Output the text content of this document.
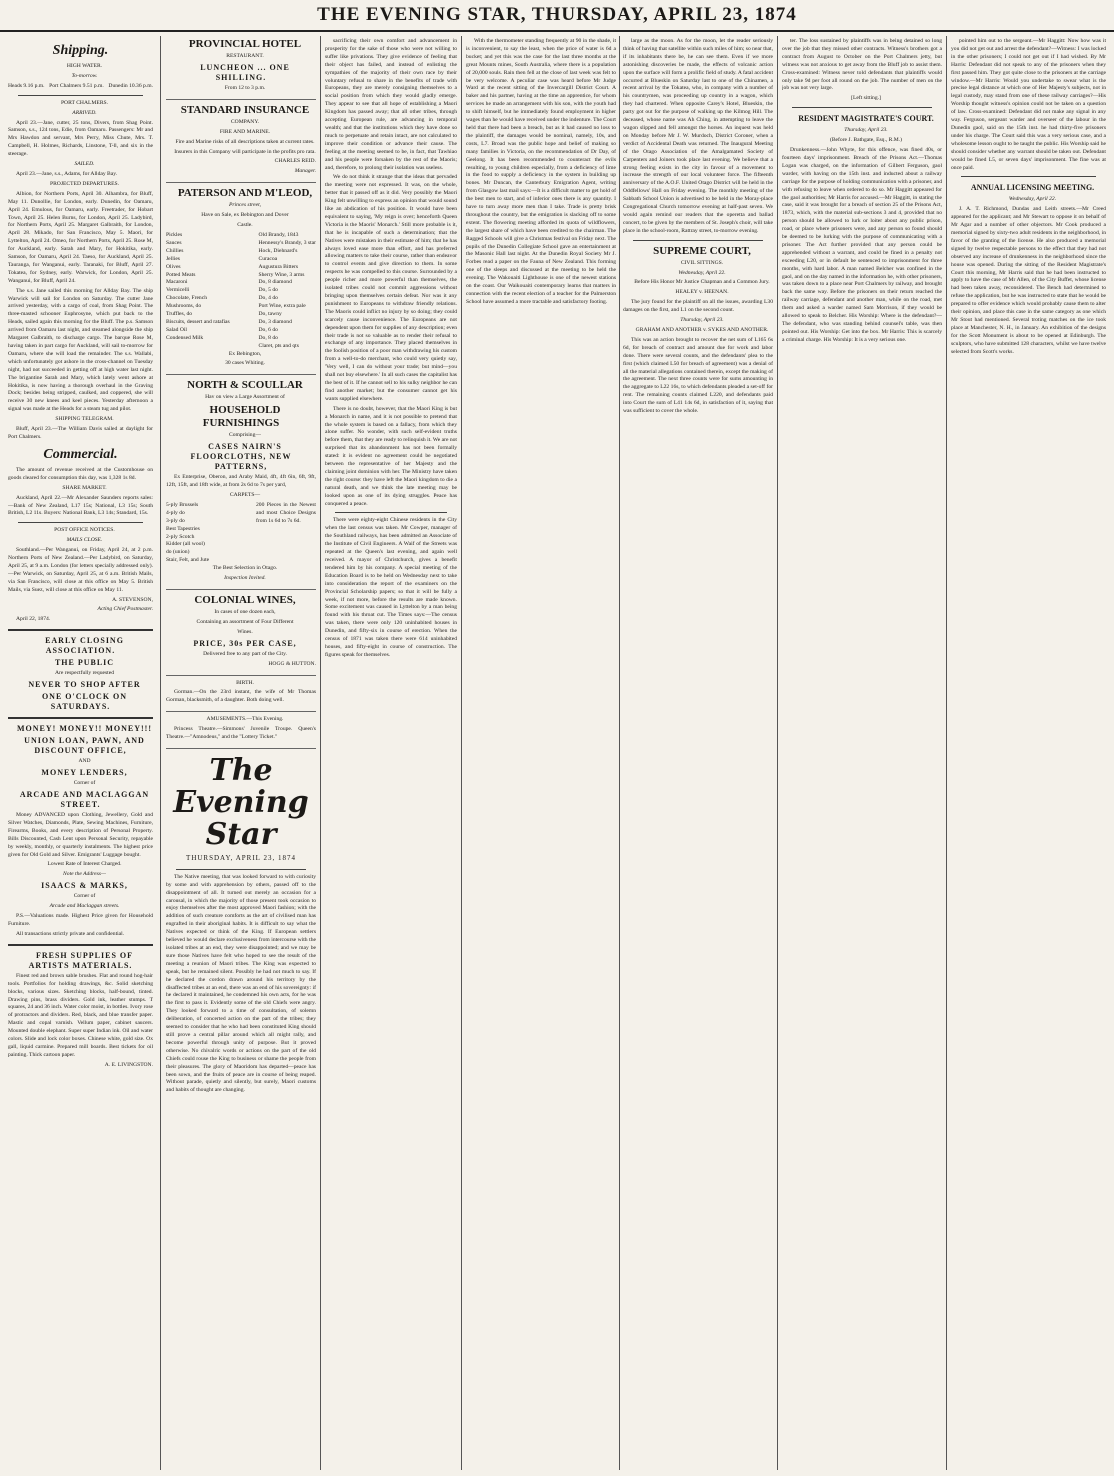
THE EVENING STAR, THURSDAY, APRIL 23, 1874
Shipping.

HIGH WATER.

To-morrow.

Heads 9.16 p.m. Port Chalmers 9.51 p.m. Dunedin 10.36 p.m.

PORT CHALMERS.

ARRIVED.

April 23.—Jane, cutter, 25 tons, Divers, from Shag Point. Samson, s.s., 124 tons, Edie, from Oamaru. Passengers: Mr and Mrs Hawdon and servant, Mrs Perry, Miss Chute, Mrs. T. Campbell, H. Holmes, Richards, Linstone, T-ll, and six in the steerage.

SAILED.

April 23.—Jane, s.s., Adams, for Allday Bay.

PROJECTED DEPARTURES.

Albion, for Northern Ports, April 30. Alhambra, for Bluff, May 11. Dunollie, for London, early. Dunedin, for Oamaru, April 24. Emulous, for Oamaru, early. Freetrader, for Hobart Town, April 25. Helen Burns, for London, April 25. Ladybird, for Northern Ports, April 25. Margaret Galbraith, for London, April 28. Mikado, for San Francisco, May 5. Maori, for Lyttelton, April 24. Omeo, for Northern Ports, April 25. Rose M, for Auckland, early. Sarah and Mary, for Hokitika, early. Samson, for Oamaru, April 24. Taeso, for Auckland, April 25. Tauranga, for Wanganui, early. Taranaki, for Bluff, April 27. Tokatea, for Sydney, early. Warwick, for London, April 25. Wanganui, for Bluff, April 24.

The s.s. Jane sailed this morning for Allday Bay. The ship Warwick will sail for London on Saturday. The cutter Jane arrived yesterday, with a cargo of coal, from Shag Point. The three-masted schooner Euphrosyne, which put back to the Heads, sailed again this morning for the Bluff. The p.s. Samson arrived from Oamaru last night, and steamed alongside the ship Margaret Galbraith, to discharge cargo. The barque Rose M, having taken in part cargo for Auckland, will sail to-morrow for Oamaru, where she will load the remainder. The s.s. Wallabi, which unfortunately got ashore in the cross-channel on Tuesday night, had not succeeded in getting off at high water last night. The brigantine Sarah and Mary, which lately went ashore at Hokitika, is now having a thorough overhaul in the Graving Dock; besides being stripped, caulked, and coppered, she will receive 30 new knees and keel pieces. Yesterday afternoon a signal was made at the Heads for a steam tug and pilot.

SHIPPING TELEGRAM.

Bluff, April 23.—The William Davis sailed at daylight for Port Chalmers.

Commercial.

The amount of revenue received at the Customhouse on goods cleared for consumption this day, was 1,328 1s 8d.

SHARE MARKET.

Auckland, April 22.—Mr Alexander Saunders reports sales:—Bank of New Zealand, L17 15s; National, L3 15s; South British, L2 11s. Buyers: National Bank, L3 14s; Standard, 15s.

POST OFFICE NOTICES.

MAILS CLOSE.

Southland.—Per Wanganui, on Friday, April 24, at 2 p.m. Northern Ports of New Zealand.—Per Ladybird, on Saturday, April 25, at 9 a.m. London (for letters specially addressed only).—Per Warwick, on Saturday, April 25, at 6 a.m. British Mails, via San Francisco, will close at this office on May 5. British Mails, via Suez, will close at this office on May 11.

A. STEVENSON,

Acting Chief Postmaster.

April 22, 1874.

EARLY CLOSING ASSOCIATION.

THE PUBLIC

Are respectfully requested

NEVER TO SHOP AFTER

ONE O'CLOCK ON SATURDAYS.

MONEY! MONEY!! MONEY!!!

UNION LOAN, PAWN, AND DISCOUNT OFFICE,

AND

MONEY LENDERS,

Corner of

ARCADE AND MACLAGGAN STREET.

Money ADVANCED upon Clothing, Jewellery, Gold and Silver Watches, Diamonds, Plate, Sewing Machines, Furniture, Firearms, Books, and every description of Personal Property. Bills Discounted, Cash Lent upon Personal Security, repayable by weekly, monthly, or quarterly instalments. The highest price given for Old Gold and Silver. Emigrants' Luggage bought.

Lowest Rate of Interest Charged.

Note the Address—

ISAACS & MARKS,

Corner of

Arcade and Maclaggan streets.

P.S.—Valuations made. Highest Price given for Household Furniture.

All transactions strictly private and confidential.

FRESH SUPPLIES OF ARTISTS MATERIALS.

Finest red and brown sable brushes. Flat and round hog-hair tools. Portfolios for holding drawings, &c. Solid sketching blocks, various sizes. Sketching blocks, half-bound, tinted. Drawing pins, brass dividers. Gold ink, leather stumps. T squares, 24 and 36 inch. Water color moist, in bottles. Ivory rose of protractors and dividers. Red, black, and blue transfer paper. Mastic and copal varnish. Vellum paper, cabinet saucers. Mounted double elephant. Super super Indian ink. Oil and water colors. Slide and lock color boxes. Chinese white, gold size. Ox gall, liquid carmine. Prepared mill boards. Best tickets for oil painting. Thick cartoon paper.

A. E. LIVINGSTON.

PROVINCIAL HOTEL

RESTAURANT.

LUNCHEON ... ONE SHILLING.

From 12 to 3 p.m.

STANDARD INSURANCE

COMPANY.

FIRE AND MARINE.

Fire and Marine risks of all descriptions taken at current rates.

Insurers in this Company will participate in the profits pro rata.

CHARLES REID.

Manager.

PATERSON AND M'LEOD,

Princes street,

Have on Sale, ex Bebington and Dover

Castle.

Pickles
Sauces
Chillies
Jellies
Olives
Potted Meats
Macaroni
Vermicelli
Chocolate, French
Mushrooms, do
Truffles, do
Biscuits, dessert and ratafias
Salad Oil
Condensed Milk
Old Brandy, 1843
Hennessy's Brandy, 3 star
Hock, Diehnard's
Curacoa
Augustura Bitters
Sherry Wine, 3 arms
Do, 8 diamond
Do, 5 do
Do, 4 do
Port Wine, extra pale
Do, tawny
Do, 3 diamond
Do, 6 do
Do, 8 do
Claret, pts and qts

Ex Bebington,

30 cases Whiting.

NORTH & SCOULLAR

Hav on view a Large Assortment of

HOUSEHOLD FURNISHINGS

Comprising—

CASES NAIRN'S FLOORCLOTHS, NEW PATTERNS,

Ex Enterprise, Oberon, and Araby Maid, 4ft, 4ft 6in, 6ft, 9ft, 12ft, 15ft, and 18ft wide, at from 2s 6d to 7s per yard,

CARPETS—

5-ply Brussels
4-ply do
3-ply do
Best Tapestries
2-ply Scotch
Kidder (all wool)
do (union)
Stair, Felt, and Jute
200 Pieces in the Newest and most Choice Designs from 1s 6d to 7s 6d.

The Best Selection in Otago.

Inspection Invited.

COLONIAL WINES,

In cases of one dozen each,

Containing an assortment of Four Different

Wines.

PRICE, 30s PER CASE,

Delivered free to any part of the City.

HOGG & HUTTON.

BIRTH.

Gorman.—On the 23rd instant, the wife of Mr Thomas Gorman, blacksmith, of a daughter. Both doing well.

AMUSEMENTS.—This Evening.

Princess Theatre.—Simmons' Juvenile Troupe. Queen's Theatre.—"Amnodeus," and the "Lottery Ticket."

The Evening Star
THURSDAY, APRIL 23, 1874

The Native meeting, that was looked forward to with curiosity by some and with apprehension by others, passed off to the disappointment of all. It turned out merely an occasion for a carousal, in which the majority of those present took occasion to enjoy themselves after the most approved Maori fashion; with the addition of such creature comforts as the art of civilised man has engrafted in their aboriginal habits. It is difficult to say what the Natives expected or think of the King. If European settlers believed he would declare exclusiveness from intercourse with the isolated tribes at an end, they were disappointed; and we may be sure those Natives have felt who hoped to see the result of the meeting a reunion of Maori tribes. The King was expected to speak, but he remained silent. Possibly he had not much to say. If he declared the cordon drawn around his territory by the disaffected tribes at an end, there was an end of his sovereignty: if he declared it maintained, he condemned his own acts, for he was the first to pass it. Evidently some of the old Chiefs were angry. They looked forward to a time of consultation, of solemn deliberation, of concerted action on the part of the tribes; they seemed to consider that he who had been constituted King should still prove a central pillar around which all might rally, and become powerful through unity of purpose. But it proved otherwise. No chivalric words or actions on the part of the old Chiefs could rouse the King to business or shame the people from their pleasures. The glory of Maoridom has departed—peace has been sown, and the fruits of peace are in course of being reaped. Without parade, quietly and silently, but surely, Maori customs and habits of thought are changing.

sacrificing their own comfort and advancement in prosperity for the sake of those who were not willing to suffer like privations. They give evidence of feeling that their object has failed, and instead of enlisting the sympathies of the majority of their own race by their voluntary refusal to share in the benefits of trade with Europeans, they are merely consigning themselves to a social position from which they would gladly emerge. They appear to see that all hope of establishing a Maori Kingdom has passed away; that all other tribes, through accepting European rule, are advancing in temporal wealth; and that the institutions which they have done so much to perpetuate and retain intact, are not calculated to improve their condition or advance their cause. The feeling at the meeting seemed to be, in fact, that Tawhiao and his people were forsaken by the rest of the Maoris; and, therefore, to prolong their isolation was useless.

We do not think it strange that the ideas that pervaded the meeting were not expressed. It was, on the whole, better that it passed off as it did. Very possibly the Maori King felt unwilling to express an opinion that would sound like an abdication of his position. It would have been equivalent to saying, 'My reign is over; henceforth Queen Victoria is the Maoris' Monarch.' Still more probable is it, that he is incapable of such a determination; that the Natives were mistaken in their estimate of him; that he has always loved ease more than effort, and has preferred allowing matters to take their course, rather than endeavor to control events and give direction to them. In some respects he was compelled to this course. Surrounded by a people richer and more powerful than themselves, the isolated tribes could not commit aggressions without bringing upon themselves certain defeat. Nor was it any punishment to Europeans to withdraw friendly relations. The Maoris could inflict no injury by so doing; they could scarcely cause inconvenience. The Europeans are not dependent upon them for supplies of any description; even their trade is not so valuable as to render their refusal to exchange of any importance. They placed themselves in the foolish position of a poor man withdrawing his custom from a well-to-do merchant, who could very quietly say, 'Very well, I can do without your trade; but mind—you shall not buy elsewhere.' In all such cases the capitalist has the best of it. If he cannot sell to his sulky neighbor he can find another market; but the consumer cannot get his wants supplied elsewhere.

There is no doubt, however, that the Maori King is but a Monarch in name, and it is not possible to pretend that the whole system is based on a fallacy, from which they alone suffer. No wonder, with such self-evident truths before them, that they are ready to relinquish it. We are not surprised that its abandonment has not been formally stated: it is evident no agreement could be negotiated between the representative of her Majesty and the claiming joint dominion with her. The Ministry have taken the right course: they have left the Maori kingdom to die a natural death, and we think the late meeting may be looked upon as one of its dying struggles. Peace has conquered a peace.

There were eighty-eight Chinese residents in the City when the last census was taken. Mr Cowper, manager of the Southland railways, has been admitted an Associate of the Institute of Civil Engineers. A Waif of the Streets was repeated at the Queen's last evening, and again well received. A mayor of Christchurch, gives a benefit tendered him by his company. A special meeting of the Education Board is to be held on Wednesday next to take into consideration the report of the examiners on the Provincial Scholarship papers; so that it will be fully a week, if not more, before the results are made known. Some excitement was caused in Lyttelton by a man being found with his throat cut. The Times says:—The census was taken, there were only 120 uninhabited houses in Dunedin, and fifty-six in course of erection. When the census of 1871 was taken there were 614 uninhabited houses, and fifty-eight in course of construction. The figures speak for themselves.

With the thermometer standing frequently at 90 in the shade, it is inconvenient, to say the least, when the price of water is 6d a bucket; and yet this was the case for the last three months at the great Mounts mines, South Australia, where there is a population of 20,000 souls. Rain then fell at the close of last week was felt to be very welcome. A peculiar case was heard before Mr Judge Ward at the recent sitting of the Invercargill District Court. A baker and his partner, having at the time an apprentice, for whom services he made an arrangement with his son, with the youth had to shift himself, but he immediately found employment in higher wages than he would have received under the indenture. The Court held that there had been a breach, but as it had caused no loss to the plaintiff, the damages would be nominal, namely, 10s, and costs, L7. Broad was the public hope and belief of making so many families in Victoria, on the recommendation of Dr Day, of Geelong. It has been recommended to counteract the evils resulting, to young children especially, from a deficiency of lime in the food to supply a deficiency in the system in building up bones. Mr Duncan, the Canterbury Emigration Agent, writing from Glasgow last mail says:—It is a difficult matter to get hold of the best men to start, and of inferior ones there is any quantity. I have to turn away more men than I take. Trade is pretty brisk throughout the country, but the emigration is slacking off to some extent. The flowering meeting afforded its quota of wildflowers, the largest share of which have been credited to the chairman. The Ragged Schools will give a Christmas festival on Friday next. The pupils of the Dunedin Collegiate School gave an entertainment at the Masonic Hall last night. At the Dunedin Royal Society Mr J. Forbes read a paper on the Fauna of New Zealand. This forming one of the sleeps and discussed at the meeting to be held the evening. The Wakouaiti Lighthouse is one of the newest stations on the coast. Our Waikouaiti contemporary learns that matters in connection with the recent election of a teacher for the Palmerston School have assumed a more tractable and satisfactory footing.

large as the moon. As for the moon, let the reader seriously think of having that satellite within such miles of him; so near that, if its inhabitants there be, he can see them. Even if we more astonishing discoveries be made, the effects of volcanic action upon the surface will form a prolific field of study. A fatal accident occurred at Blueskin on Saturday last to one of the Chinamen, a recent arrival by the Tokatea, who, in company with a number of his countrymen, was proceeding up country in a wagon, which they had chartered. When opposite Carey's Hotel, Blueskin, the party got out for the purpose of walking up the Kilmog Hill. The deceased, whose name was Ah Ching, in attempting to leave the wagon slipped and fell amongst the horses. An inquest was held on Monday before Mr J. W. Murdoch, District Coroner, when a verdict of Accidental Death was returned. The Inaugural Meeting of the Otago Association of the Amalgamated Society of Carpenters and Joiners took place last evening. We believe that a strong feeling exists in the city in favour of a movement to increase the strength of our local volunteer force. The fifteenth anniversary of the A.O.F. United Otago District will be held in the Oddfellows' Hall on Friday evening. The monthly meeting of the Sabbath School Union is advertised to be held in the Moray-place Congregational Church tomorrow evening at half-past seven. We would again remind our readers that the operetta and ballad concert, to be given by the members of St. Joseph's choir, will take place in the school-room, Rattray street, to-morrow evening.

SUPREME COURT,

CIVIL SITTINGS.

Wednesday, April 22.

Before His Honor Mr Justice Chapman and a Common Jury.

HEALEY v. HEENAN.

The jury found for the plaintiff on all the issues, awarding L30 damages on the first, and L1 on the second count.

Thursday, April 23.

GRAHAM AND ANOTHER v. SYKES AND ANOTHER.

This was an action brought to recover the net sum of L165 6s 6d, for breach of contract and amount due for work and labor done. There were several counts, and the defendants' plea to the first (which claimed L50 for breach of agreement) was a denial of all the material allegations contained therein, except the making of the agreement. The next three counts were for sums amounting in the aggregate to L22 16s, to which defendants pleaded a set-off for rent. The remaining counts claimed L220, and defendants paid into Court the sum of L41 14s 6d, in satisfaction of it, saying that was sufficient to cover the whole.

ter. The loss sustained by plaintiffs was in being detained so long over the job that they missed other contracts. Witness's brothers got a contract from August to October on the Port Chalmers jetty, but witness was not anxious to get away from the Bluff job to assist them. Cross-examined: Witness never told defendants that plaintiffs would only take 9d per foot all round on the job. The number of men on the job was not very large.

[Left sitting.]

RESIDENT MAGISTRATE'S COURT.

Thursday, April 23.

(Before J. Bathgate, Esq., R.M.)

Drunkenness.—John Whyte, for this offence, was fined 40s, or fourteen days' imprisonment. Breach of the Prisons Act.—Thomas Logan was charged, on the information of Gilbert Ferguson, gaol warder, with having on the 15th inst. and inducted about a railway carriage for the purpose of holding communication with a prisoner, and with refusing to leave when ordered to do so. Mr Haggitt appeared for the gaol authorities; Mr Harris for accused.—Mr Haggitt, in stating the case, said it was brought for a breach of section 25 of the Prisons Act, 1873, which, with the material sub-sections 3 and 4, provided that no person should be allowed to lurk or loiter about any public prison, road, or place where prisoners were, and any person so found should be deemed to be lurking with the purpose of communicating with a prisoner. The Act further provided that any person could be apprehended without a warrant, and could be fined in a penalty not exceeding L20, or in default be sentenced to imprisonment for three months, with hard labor. A man named Belcher was confined in the gaol, and on the day named in the information he, with other prisoners, was taken down to a place near Port Chalmers by railway, and brought back the same way. Before the prisoners on their return reached the railway carriage, defendant and another man, while on the road, met them and asked a warder named Sam Morrison, if they would be allowed to speak to Belcher. His Worship: Where is the defendant?—The defendant, who was standing behind counsel's table, was then pointed out. His Worship: Get into the box. Mr Harris: This is scarcely a criminal charge. His Worship: It is a very serious one.

pointed him out to the sergeant.—Mr Haggitt: Now how was it you did not get out and arrest the defendant?—Witness: I was locked in the other prisoners; I could not get out if I had wished. By Mr Harris: Defendant did not speak to any of the prisoners when they first passed him. They got quite close to the prisoners at the carriage window.—Mr Harris: Would you undertake to swear what is the precise legal distance at which one of Her Majesty's subjects, not in legal custody, may stand from one of these railway carriages?—His Worship thought witness's opinion could not be taken on a question of law. Cross-examined: Defendant did not make any signal in any way. Ferguson, sergeant warder and overseer of the labour in the Dunedin gaol, said on the 15th inst. he had thirty-five prisoners under his charge. The Court said this was a very serious case, and a wholesome lesson ought to be taught the public. His Worship said he should consider whether any warrant should be taken out. Defendant would be fined L5, or seven days' imprisonment. The fine was at once paid.

ANNUAL LICENSING MEETING.

Wednesday, April 22.

J. A. T. Richmond, Dundas and Leith streets.—Mr Creed appeared for the applicant; and Mr Stewart to oppose it on behalf of Mr Agar and a number of other objectors. Mr Cook produced a memorial signed by sixty-two adult residents in the neighborhood, in favor of the granting of the license. He also produced a memorial signed by twelve respectable persons to the effect that they had not observed any increase of drunkenness in the neighborhood since the house was opened. During the sitting of the Resident Magistrate's Court this morning, Mr Harris said that he had been instructed to apply to have the case of Mr Allen, of the City Buffet, whose license had been taken away, reconsidered. The Bench had determined to refuse the application, but he was instructed to state that he would be prepared to offer evidence which would probably cause them to alter their opinion, and place this case in the same category as one which Mr Stout had mentioned. Several troting matches on the ice took place at Manchester, N. H., in January. An exhibition of the designs for the Scott Monument is about to be opened at Edinburgh. The sculptors, who have submitted 128 characters, whilst we have twelve selected from Scott's works.
